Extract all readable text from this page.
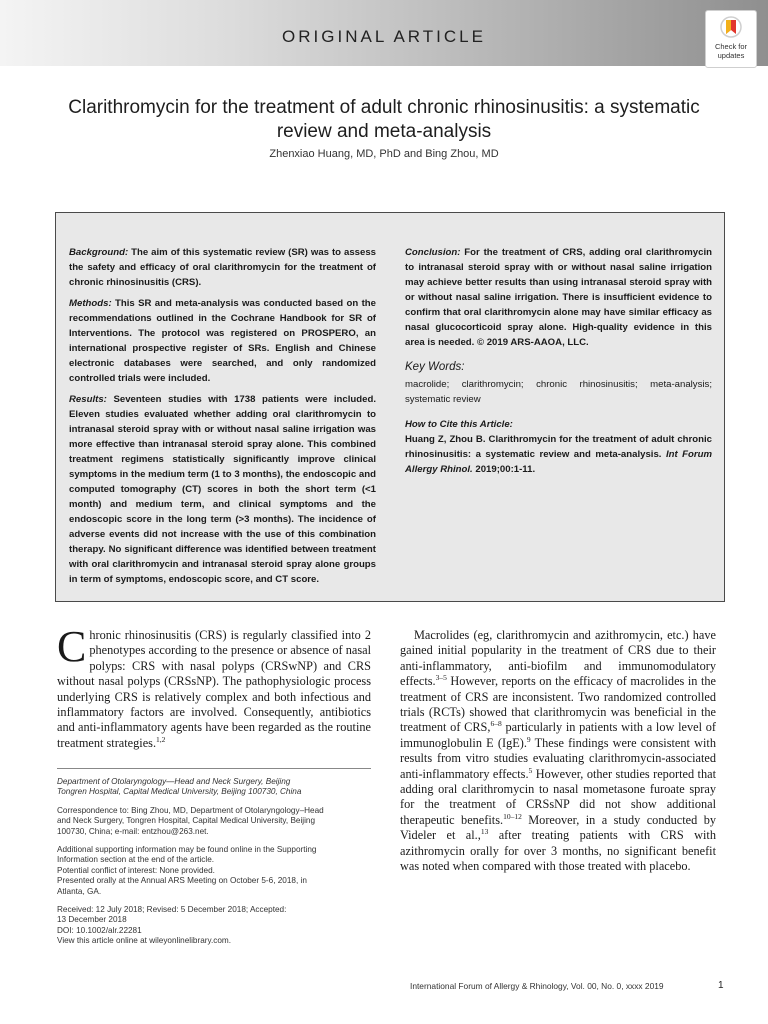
ORIGINAL ARTICLE
Check for
updates
Clarithromycin for the treatment of adult chronic rhinosinusitis: a systematic review and meta-analysis
Zhenxiao Huang, MD, PhD and Bing Zhou, MD

Background: The aim of this systematic review (SR) was to assess the safety and efficacy of oral clarithromycin for the treatment of chronic rhinosinusitis (CRS).

Methods: This SR and meta-analysis was conducted based on the recommendations outlined in the Cochrane Handbook for SR of Interventions. The protocol was registered on PROSPERO, an international prospective register of SRs. English and Chinese electronic databases were searched, and only randomized controlled trials were included.

Results: Seventeen studies with 1738 patients were included. Eleven studies evaluated whether adding oral clarithromycin to intranasal steroid spray with or without nasal saline irrigation was more effective than intranasal steroid spray alone. This combined treatment regimens statistically significantly improve clinical symptoms in the medium term (1 to 3 months), the endoscopic and computed tomography (CT) scores in both the short term (<1 month) and medium term, and clinical symptoms and the endoscopic score in the long term (>3 months). The incidence of adverse events did not increase with the use of this combination therapy. No significant difference was identified between treatment with oral clarithromycin and intranasal steroid spray alone groups in term of symptoms, endoscopic score, and CT score.

Conclusion: For the treatment of CRS, adding oral clarithromycin to intranasal steroid spray with or without nasal saline irrigation may achieve better results than using intranasal steroid spray with or without nasal saline irrigation. There is insufficient evidence to confirm that oral clarithromycin alone may have similar efficacy as nasal glucocorticoid spray alone. High-quality evidence in this area is needed. © 2019 ARS-AAOA, LLC.

Key Words:
macrolide; clarithromycin; chronic rhinosinusitis; meta-analysis; systematic review
How to Cite this Article:
Huang Z, Zhou B. Clarithromycin for the treatment of adult chronic rhinosinusitis: a systematic review and meta-analysis. Int Forum Allergy Rhinol. 2019;00:1-11.

Chronic rhinosinusitis (CRS) is regularly classified into 2 phenotypes according to the presence or absence of nasal polyps: CRS with nasal polyps (CRSwNP) and CRS without nasal polyps (CRSsNP). The pathophysiologic process underlying CRS is relatively complex and both infectious and inflammatory factors are involved. Consequently, antibiotics and anti-inflammatory agents have been regarded as the routine treatment strategies.$^{1,2}$

Department of Otolaryngology—Head and Neck Surgery, Beijing
Tongren Hospital, Capital Medical University, Beijing 100730, China
Correspondence to: Bing Zhou, MD, Department of Otolaryngology–Head
and Neck Surgery, Tongren Hospital, Capital Medical University, Beijing
100730, China; e-mail: entzhou@263.net.
Additional supporting information may be found online in the Supporting
Information section at the end of the article.
Potential conflict of interest: None provided.
Presented orally at the Annual ARS Meeting on October 5-6, 2018, in
Atlanta, GA.
Received: 12 July 2018; Revised: 5 December 2018; Accepted:
13 December 2018
DOI: 10.1002/alr.22281
View this article online at wileyonlinelibrary.com.

Macrolides (eg, clarithromycin and azithromycin, etc.) have gained initial popularity in the treatment of CRS due to their anti-inflammatory, anti-biofilm and immunomodulatory effects.$^{3-5}$ However, reports on the efficacy of macrolides in the treatment of CRS are inconsistent. Two randomized controlled trials (RCTs) showed that clarithromycin was beneficial in the treatment of CRS,$^{6-8}$ particularly in patients with a low level of immunoglobulin E (IgE).$^9$ These findings were consistent with results from vitro studies evaluating clarithromycin-associated anti-inflammatory effects.$^5$ However, other studies reported that adding oral clarithromycin to nasal mometasone furoate spray for the treatment of CRSsNP did not show additional therapeutic benefits.$^{10-12}$ Moreover, in a study conducted by Videler et al.,$^{13}$ after treating patients with CRS with azithromycin orally for over 3 months, no significant benefit was noted when compared with those treated with placebo.

International Forum of Allergy & Rhinology, Vol. 00, No. 0, xxxx 2019	1
